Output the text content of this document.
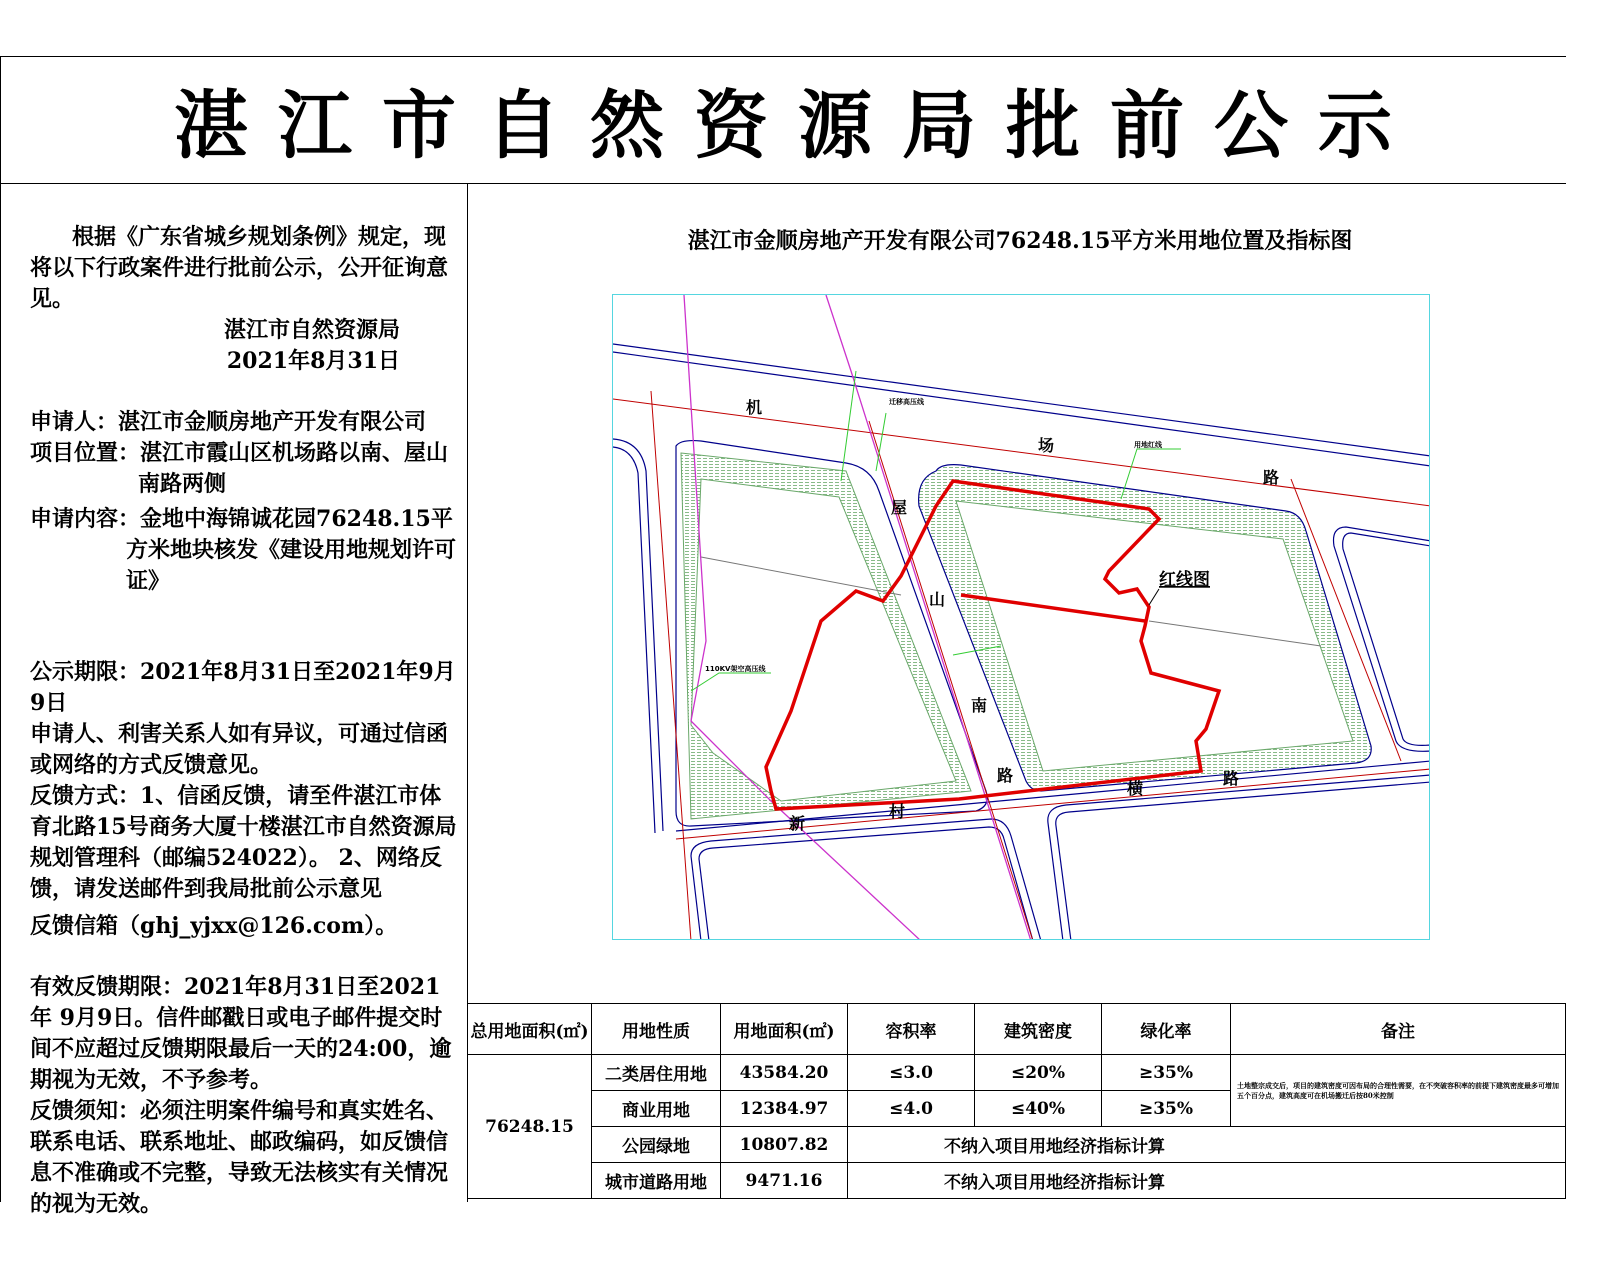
湛江市自然资源局批前公示

根据《广东省城乡规划条例》规定，现将以下行政案件进行批前公示，公开征询意见。

湛江市自然资源局

2021年8月31日

申请人：湛江市金顺房地产开发有限公司

项目位置：湛江市霞山区机场路以南、屋山南路两侧

申请内容：金地中海锦诚花园76248.15平方米地块核发《建设用地规划许可证》

公示期限：2021年8月31日至2021年9月9日

申请人、利害关系人如有异议，可通过信函或网络的方式反馈意见。

反馈方式：1、信函反馈，请至件湛江市体育北路15号商务大厦十楼湛江市自然资源局规划管理科（邮编524022）。 2、网络反馈，请发送邮件到我局批前公示意见

反馈信箱（ghj_yjxx@126.com）。

有效反馈期限：2021年8月31日至2021年 9月9日。信件邮戳日或电子邮件提交时间不应超过反馈期限最后一天的24:00，逾期视为无效，不予参考。

反馈须知：必须注明案件编号和真实姓名、联系电话、联系地址、邮政编码，如反馈信息不准确或不完整，导致无法核实有关情况的视为无效。

湛江市金顺房地产开发有限公司76248.15平方米用地位置及指标图
机
场
路
屋
山
南
路
新
村
横
路
红线图
用地红线
迁移高压线
110KV架空高压线
总用地面积(㎡)	用地性质	用地面积(㎡)	容积率	建筑密度	绿化率	备注
76248.15	二类居住用地	43584.20	≤3.0	≤20%	≥35%	土地整宗成交后，项目的建筑密度可因布局的合理性需要，在不突破容积率的前提下建筑密度最多可增加五个百分点，建筑高度可在机场搬迁后按80米控制
	商业用地	12384.97	≤4.0	≤40%	≥35%	
	公园绿地	10807.82	不纳入项目用地经济指标计算			
	城市道路用地	9471.16	不纳入项目用地经济指标计算			
